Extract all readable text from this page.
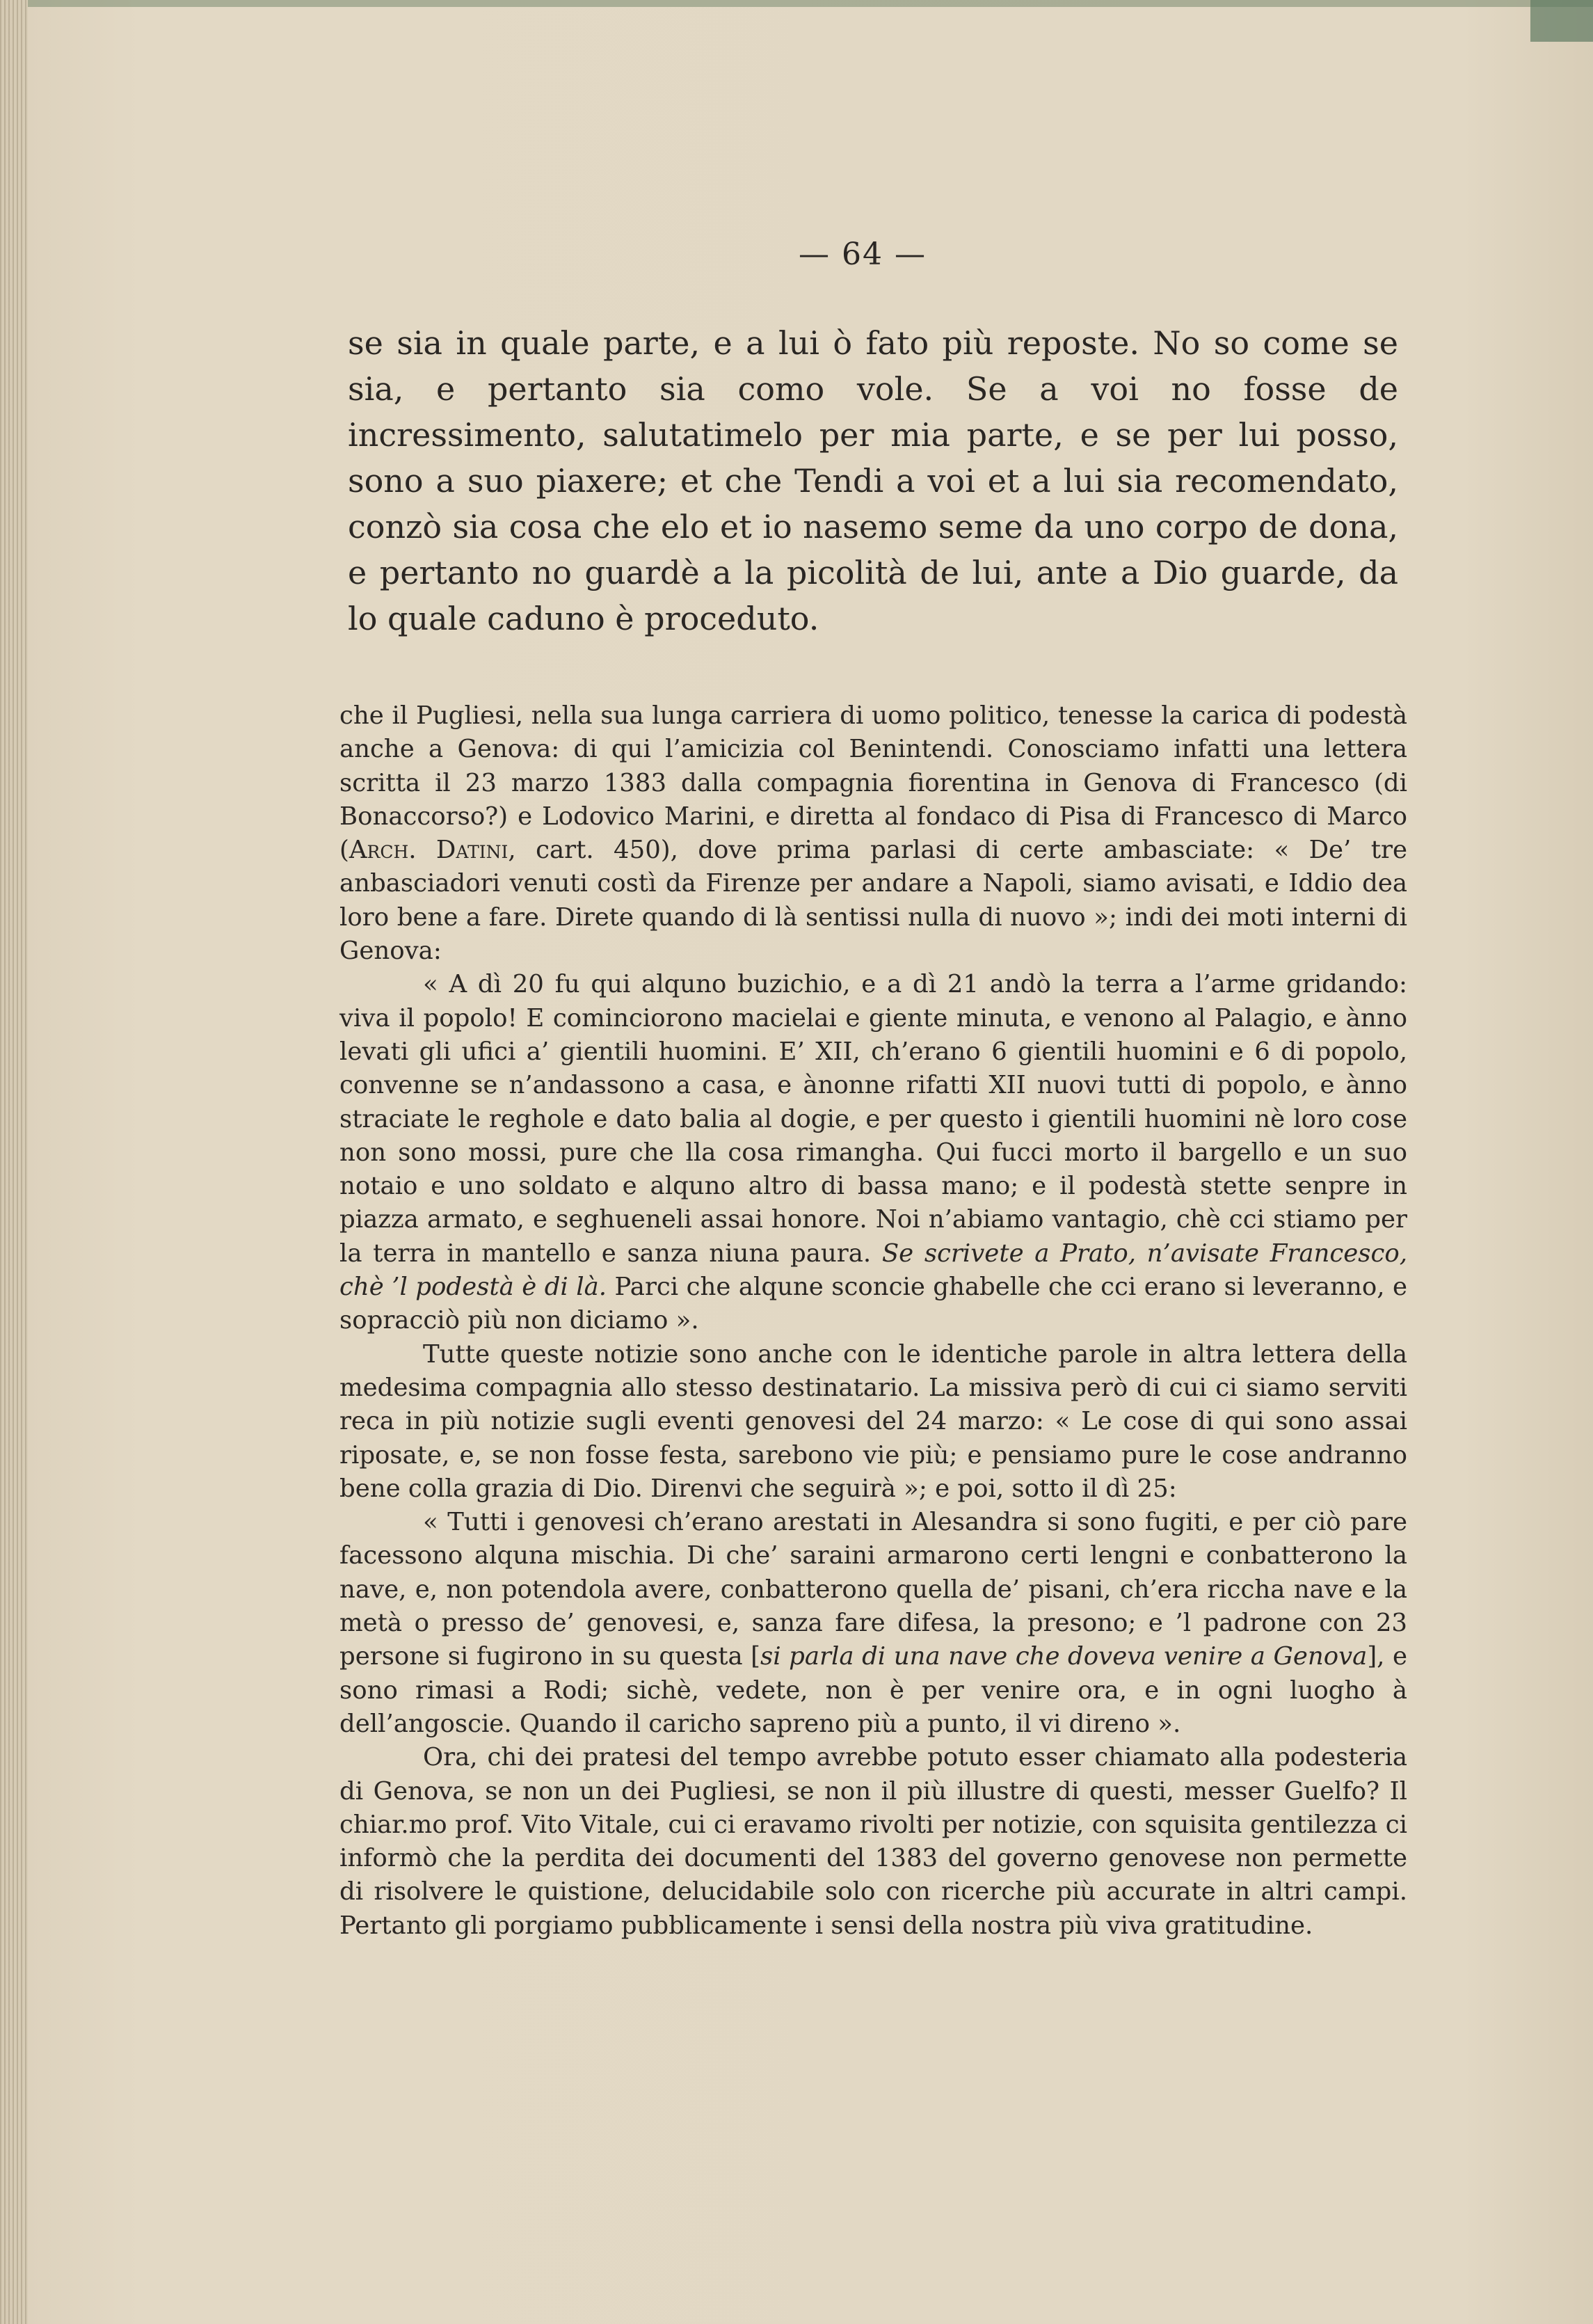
— 64 —

se sia in quale parte, e a lui ò fato più reposte. No so come se sia, e pertanto sia como vole. Se a voi no fosse de incressimento, salutatimelo per mia parte, e se per lui posso, sono a suo piaxere; et che Tendi a voi et a lui sia recomendato, conzò sia cosa che elo et io nasemo seme da uno corpo de dona, e pertanto no guardè a la picolità de lui, ante a Dio guarde, da lo quale caduno è proceduto.

che il Pugliesi, nella sua lunga carriera di uomo politico, tenesse la carica di podestà anche a Genova: di qui l’amicizia col Benintendi. Conosciamo infatti una lettera scritta il 23 marzo 1383 dalla compagnia fiorentina in Genova di Francesco (di Bonaccorso?) e Lodovico Marini, e diretta al fondaco di Pisa di Francesco di Marco (Arch. Datini, cart. 450), dove prima parlasi di certe ambasciate: « De’ tre anbasciadori venuti costì da Firenze per andare a Napoli, siamo avisati, e Iddio dea loro bene a fare. Direte quando di là sentissi nulla di nuovo »; indi dei moti interni di Genova:

« A dì 20 fu qui alquno buzichio, e a dì 21 andò la terra a l’arme gridando: viva il popolo! E cominciorono macielai e giente minuta, e venono al Palagio, e ànno levati gli ufici a’ gientili huomini. E’ XII, ch’erano 6 gientili huomini e 6 di popolo, convenne se n’andassono a casa, e ànonne rifatti XII nuovi tutti di popolo, e ànno straciate le reghole e dato balia al dogie, e per questo i gientili huomini nè loro cose non sono mossi, pure che lla cosa rimangha. Qui fucci morto il bargello e un suo notaio e uno soldato e alquno altro di bassa mano; e il podestà stette senpre in piazza armato, e seghueneli assai honore. Noi n’abiamo vantagio, chè cci stiamo per la terra in mantello e sanza niuna paura. Se scrivete a Prato, n’avisate Francesco, chè ’l podestà è di là. Parci che alqune sconcie ghabelle che cci erano si leveranno, e sopracciò più non diciamo ».

Tutte queste notizie sono anche con le identiche parole in altra lettera della medesima compagnia allo stesso destinatario. La missiva però di cui ci siamo serviti reca in più notizie sugli eventi genovesi del 24 marzo: « Le cose di qui sono assai riposate, e, se non fosse festa, sarebono vie più; e pensiamo pure le cose andranno bene colla grazia di Dio. Direnvi che seguirà »; e poi, sotto il dì 25:

« Tutti i genovesi ch’erano arestati in Alesandra si sono fugiti, e per ciò pare facessono alquna mischia. Di che’ saraini armarono certi lengni e conbatterono la nave, e, non potendola avere, conbatterono quella de’ pisani, ch’era riccha nave e la metà o presso de’ genovesi, e, sanza fare difesa, la presono; e ’l padrone con 23 persone si fugirono in su questa [si parla di una nave che doveva venire a Genova], e sono rimasi a Rodi; sichè, vedete, non è per venire ora, e in ogni luogho à dell’angoscie. Quando il caricho sapreno più a punto, il vi direno ».

Ora, chi dei pratesi del tempo avrebbe potuto esser chiamato alla podesteria di Genova, se non un dei Pugliesi, se non il più illustre di questi, messer Guelfo? Il chiar.mo prof. Vito Vitale, cui ci eravamo rivolti per notizie, con squisita gentilezza ci informò che la perdita dei documenti del 1383 del governo genovese non permette di risolvere le quistione, delucidabile solo con ricerche più accurate in altri campi. Pertanto gli porgiamo pubblicamente i sensi della nostra più viva gratitudine.
